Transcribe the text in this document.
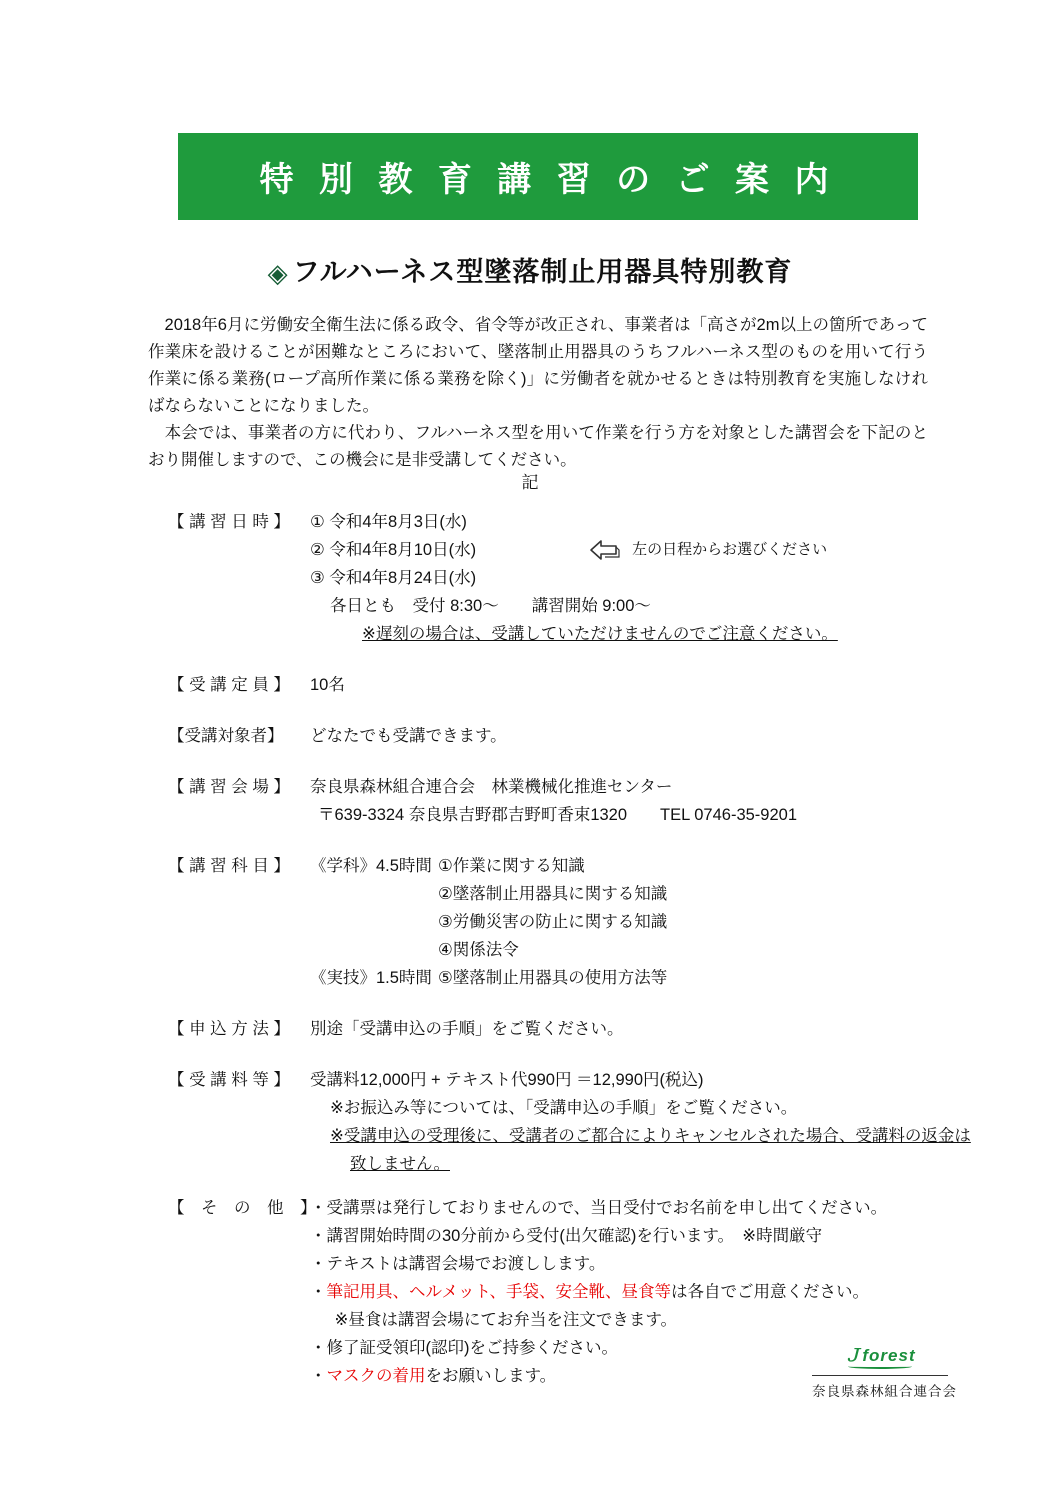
特 別 教 育 講 習 の ご 案 内
◈ フルハーネス型墜落制止用器具特別教育
　2018年6月に労働安全衛生法に係る政令、省令等が改正され、事業者は「高さが2m以上の箇所であって作業床を設けることが困難なところにおいて、墜落制止用器具のうちフルハーネス型のものを用いて行う作業に係る業務(ロープ高所作業に係る業務を除く)」に労働者を就かせるときは特別教育を実施しなければならないことになりました。
　本会では、事業者の方に代わり、フルハーネス型を用いて作業を行う方を対象とした講習会を下記のとおり開催しますので、この機会に是非受講してください。
記
【 講 習 日 時 】	① 令和4年8月3日(水)
② 令和4年8月10日(水)	左の日程からお選びください
③ 令和4年8月24日(水)
各日とも　受付 8:30〜　　講習開始 9:00〜
※遅刻の場合は、受講していただけませんのでご注意ください。
【 受 講 定 員 】	10名
【受講対象者】	どなたでも受講できます。
【 講 習 会 場 】	奈良県森林組合連合会　林業機械化推進センター
〒639-3324 奈良県吉野郡吉野町香束1320　　TEL 0746-35-9201
【 講 習 科 目 】	《学科》4.5時間 ①作業に関する知識
②墜落制止用器具に関する知識
③労働災害の防止に関する知識
④関係法令
《実技》1.5時間 ⑤墜落制止用器具の使用方法等
【 申 込 方 法 】	別途「受講申込の手順」をご覧ください。
【 受 講 料 等 】	受講料12,000円 + テキスト代990円 ＝12,990円(税込)
※お振込み等については、「受講申込の手順」をご覧ください。
※受講申込の受理後に、受講者のご都合によりキャンセルされた場合、受講料の返金は
致しません。
【　そ　の　他　】
・受講票は発行しておりませんので、当日受付でお名前を申し出てください。
・講習開始時間の30分前から受付(出欠確認)を行います。　※時間厳守
・テキストは講習会場でお渡しします。
・筆記用具、ヘルメット、手袋、安全靴、昼食等は各自でご用意ください。
　※昼食は講習会場にてお弁当を注文できます。
・修了証受領印(認印)をご持参ください。
・マスクの着用をお願いします。
Ｊforest
奈良県森林組合連合会
